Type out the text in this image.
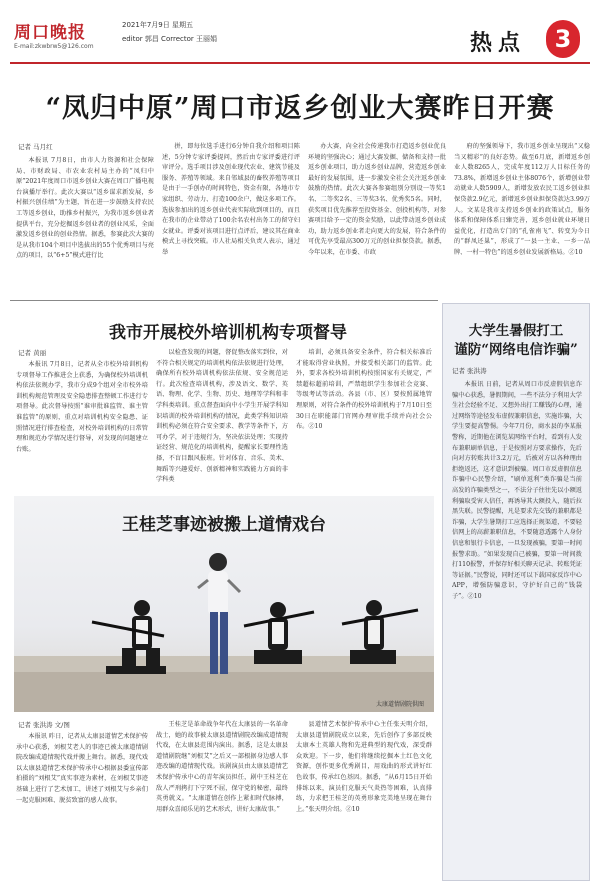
周口晚报
E-mail:zkwbrw5@126.com
2021年7月9日 星期五
editor 郭昌 Corrector 王丽娟	热点	3
“凤归中原”周口市返乡创业大赛昨日开赛
记者 马月红

本报讯 7月8日，由市人力资源和社会保障局、市财政局、市农业农村局主办的“凤归中原”2021年度周口市返乡创业大赛在周口广播电视台演播厅举行。此次大赛以“返乡谋求新发展，乡村振兴创佳绩”为主题，旨在进一步鼓励支持农民工等返乡创业，助推乡村振兴，为我市返乡创业者提供平台，充分挖掘返乡创业者的创业风采，全面激发返乡创业的创业热情。据悉，参赛此次大赛的是从我市104个项目中选拔出的55个优秀项目与亮点的项目，以“6+5”模式进行比

拼，即每位选手进行6分钟自我介绍和项目陈述，5分钟专家评委提问，然后由专家评委进行评审评分。选手项目涉及创业现代农业、建筑节能及服务、养殖等领域。来自邻域县的畜牧养殖等项目是由于一手创办的时间特色，资金有限，各地市专家组织、劳动力、打造100余户，做这多项工作。选拔参加出的返乡创业代表实际收到项目的，而且在我市的企业带动了100余名农村出务工的留守妇女就业。评委对该项目进行点评后，建议其在商业模式上寻找突破。市人社局相关负责人表示，通过举

办大赛，向全社会传递我市打造返乡创业优良环境的坚强决心；通过大赛发掘、储备和支持一批返乡创业项目，助力返乡创业品牌，营造返乡创业最好的发展氛围，进一步激发全社会关注返乡创业鼓励的热情。此次大赛各参赛组别分别设一等奖1名、二等奖2名、三等奖3名、优秀奖5名。同时，获奖项目优先推荐至投资基金、创投机构等，对参赛项目给予一定的资金奖励，以此带动返乡创业成功，助力返乡创业者走向更大的发展，符合条件的可优先享受最高300万元的创业担保贷款。据悉，今年以来，在市委、市政

府的坚强领导下，我市返乡创业呈现出“又稳当又精彩”的良好态势。截至6月底，新增返乡创业人数8265人，完成年度112万人目标任务的73.8%，新增返乡创业主体8076个，新增创业带动就业人数5909人，新增发放农民工返乡创业担保贷款2.9亿元，新增返乡创业担保贷款达3.99万人。文某是我市支持返乡创业的政策试点，服务体系和保障体系日臻完善，返乡创业就业环境日益优化，打造出专门的“孔雀南飞”、转变为今日的“群凤还巢”，形成了“一县一主业、一乡一品牌、一村一特色”的返乡创业发展新格局。Ⓩ10

我市开展校外培训机构专项督导
记者 黄丽

本报讯 7月8日，记者从全市校外培训机构专项督导工作推进会上获悉，为确保校外培训机构依法依规办学，我市分成9个组对全市校外培训机构规范管理及安全隐患排查整顿工作进行专项督导。此次督导按照“谁审批谁监管、谁主管谁监管”的原则，重点对培训机构安全隐患、证照情况进行排查检查，对校外培训机构的日常管理和规范办学情况进行督导，对发现的问题建立台账。

以检查发现的问题，督促整改落实到位，对不符合相关规定的培训机构依法依规进行处理，确保所有校外培训机构依法依规、安全规范运行。此次检查培训机构，涉及语文、数学、英语、物理、化学、生物、历史、地理等学科和非学科类培训。重点督查面向中小学生开展学科知识培训的校外培训机构的情况，此类学科知识培训机构必须在符合安全要求、教学等条件下，方可办学，对于违规行为，坚决依法处理；实现持证经营、规范化的培训机构，提醒家长要理性选择，不盲目跟风报班。针对体育、音乐、美术、舞蹈等兴趣爱好、创新精神和实践能力方面的非学科类

培训，必须具备安全条件，符合相关标准后才能取得营业执照，并接受相关部门的监管。此外，要求各校外培训机构按照国家有关规定，严禁超标超前培训，严禁组织学生参加社会竞赛、等级考试等活动。各县（市、区）要按照属地管理原则，对符合条件的校外培训机构于7月10日至30日在职能部门官网办理审批手续并向社会公布。Ⓩ10

大学生暑假打工
谨防“网络电信诈骗”
记者 张洪涛

本报讯 日前，记者从周口市反虚假信息诈骗中心获悉，暑假期间，一些不法分子利用大学生社会经验不足、又想外出打工赚钱的心理，通过网络等途径发布虚假兼职信息，实施诈骗，大学生要提高警惕。今年7月份，商水县的李某报警称，近期他在浏览某网络平台时，看到有人发布兼职刷单信息，于是按照对方要求操作，先后向对方转账共计3.2万元，后被对方以各种理由拒绝返还，这才意识到被骗。周口市反虚假信息诈骗中心民警介绍，“刷单返利”类诈骗是当前高发的诈骗类型之一，不法分子往往先以小额返利骗取受害人信任，再诱导其大额投入，随后拉黑失联。民警提醒，凡是要求先交钱的兼职都是诈骗，大学生暑期打工应选择正规渠道，不要轻信网上的高薪兼职信息，不要随意透露个人身份信息和银行卡信息，一旦发现被骗，要第一时间报警求助。“如果发现自己被骗，要第一时间拨打110报警，并保存好相关聊天记录、转账凭证等证据。”民警说，同时还可以下载国家反诈中心APP，增强防骗意识，守护好自己的“钱袋子”。Ⓩ10

王桂芝事迹被搬上道情戏台
太康道情剧院供图
记者 张洪涛 文/图

本报讯 昨日，记者从太康县道情艺术保护传承中心获悉，刘根艾老人的事迹已被太康道情剧院改编成道情现代戏并搬上舞台。据悉，现代戏以太康县道情艺术保护传承中心根据县委宣传部拍摄的“刘根艾”真实事迹为素材，在刘根艾事迹基础上进行了艺术加工，讲述了刘根艾与乡亲们一起克服困难、脱贫致富的感人故事。

王桂芝是革命战争年代在太康县的一名革命战士，她的故事被太康县道情剧院改编成道情现代戏，在太康县范围内演出。据悉，这是太康县道情剧院继“刘根艾”之后又一部根据身边感人事迹改编的道情现代戏。该剧演员由太康县道情艺术保护传承中心的青年演员担任，剧中王桂芝在敌人严刑拷打下宁死不屈，保守党的秘密，最终英勇就义。“太康道情在创作上紧扣时代脉搏，用群众喜闻乐见的艺术形式，讲好太康故事。”

县道情艺术保护传承中心主任张天明介绍，太康县道情剧院成立以来，先后创作了多部反映太康本土英雄人物和先进典型的现代戏，深受群众欢迎。下一步，他们将继续挖掘本土红色文化资源，创作更多优秀剧目，用戏曲的形式讲好红色故事，传承红色基因。据悉，“从6月15日开始排练以来，演员们克服天气炎热等困难，认真排练，力求把王桂芝的英勇形象完美地呈现在舞台上。”张天明介绍。Ⓩ10
